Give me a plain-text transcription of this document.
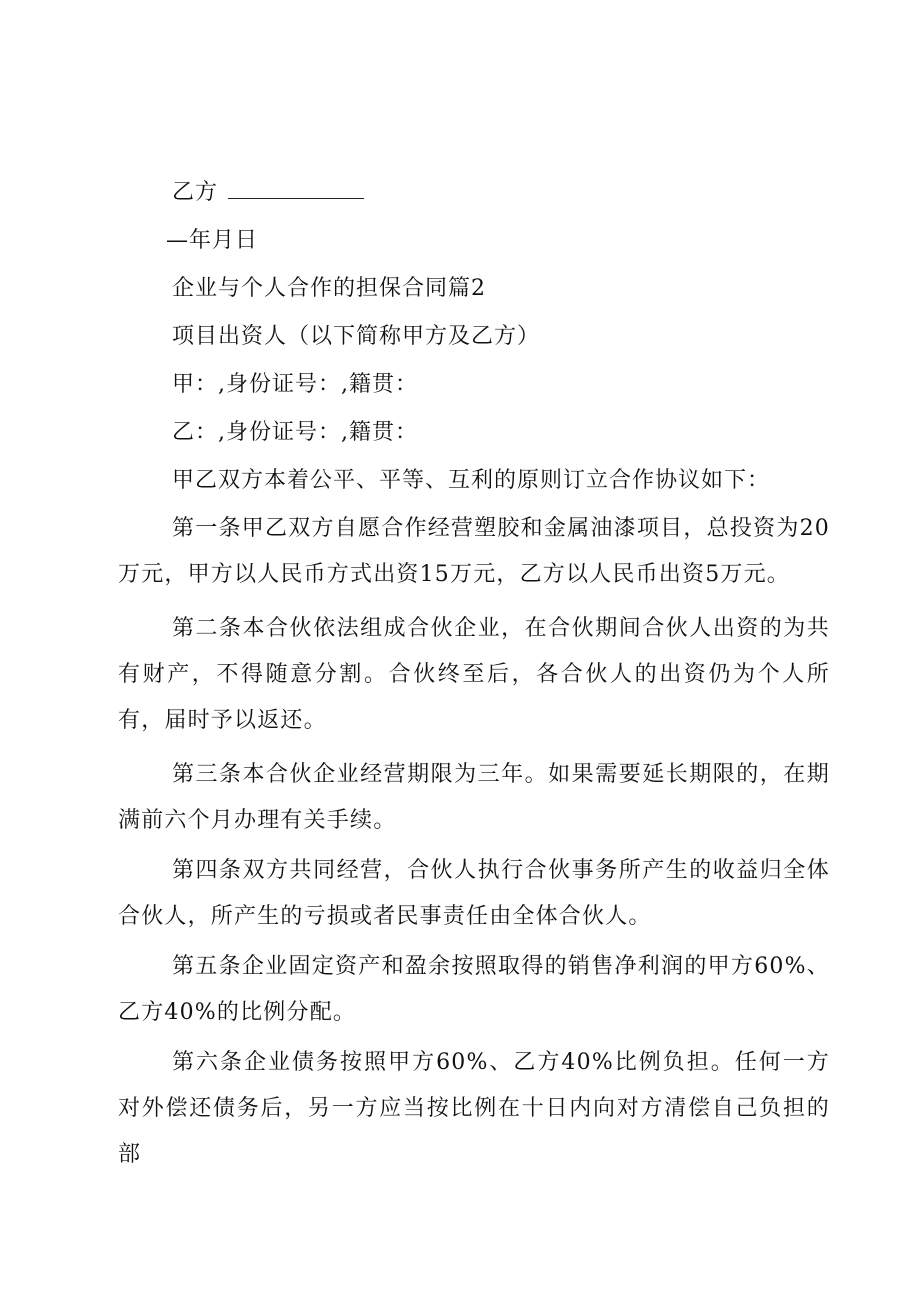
乙方
—年月日
企业与个人合作的担保合同篇2
项目出资人（以下简称甲方及乙方）
甲：,身份证号：,籍贯：
乙：,身份证号：,籍贯：
甲乙双方本着公平、平等、互利的原则订立合作协议如下：
第一条甲乙双方自愿合作经营塑胶和金属油漆项目，总投资为20万元，甲方以人民币方式出资15万元，乙方以人民币出资5万元。
第二条本合伙依法组成合伙企业，在合伙期间合伙人出资的为共有财产，不得随意分割。合伙终至后，各合伙人的出资仍为个人所有，届时予以返还。
第三条本合伙企业经营期限为三年。如果需要延长期限的，在期满前六个月办理有关手续。
第四条双方共同经营，合伙人执行合伙事务所产生的收益归全体合伙人，所产生的亏损或者民事责任由全体合伙人。
第五条企业固定资产和盈余按照取得的销售净利润的甲方60%、乙方40%的比例分配。
第六条企业债务按照甲方60%、乙方40%比例负担。任何一方对外偿还债务后，另一方应当按比例在十日内向对方清偿自己负担的部
